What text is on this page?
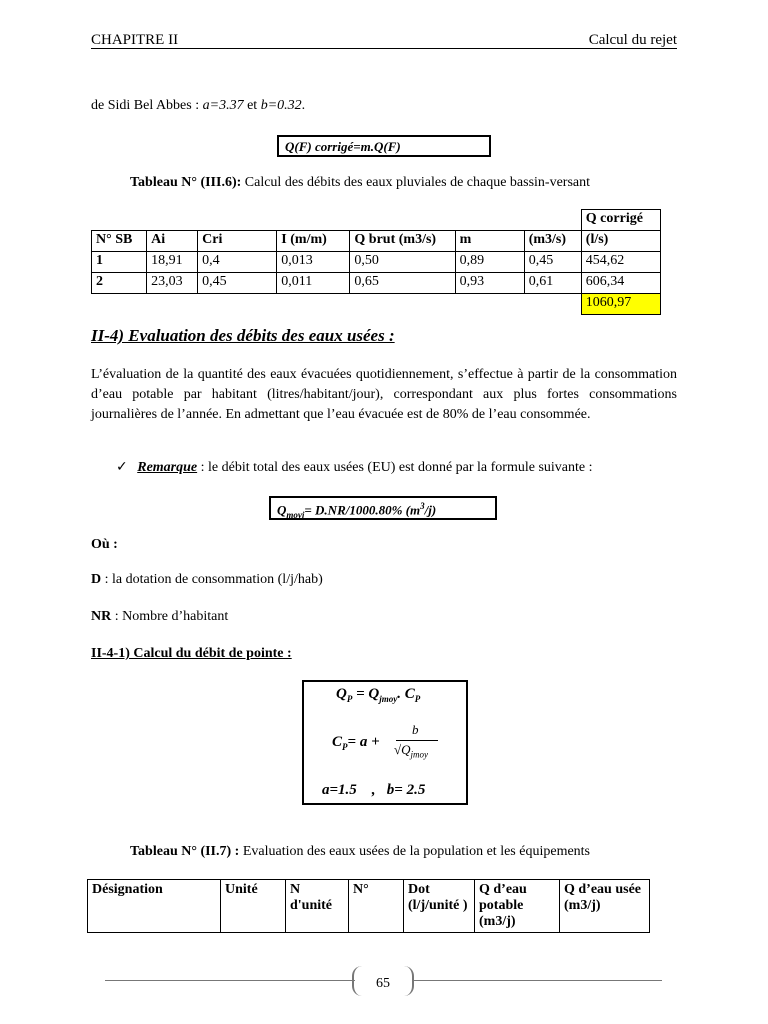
CHAPITRE II	Calcul du rejet
de Sidi Bel Abbes : a=3.37 et b=0.32.
Q(F) corrigé=m.Q(F)
Tableau N° (III.6): Calcul des débits des eaux pluviales de chaque bassin-versant
							Q corrigé
N° SB	Ai	Cri	I (m/m)	Q brut (m3/s)	m	(m3/s)	(l/s)
1	18,91	0,4	0,013	0,50	0,89	0,45	454,62
2	23,03	0,45	0,011	0,65	0,93	0,61	606,34
							1060,97
II-4) Evaluation des débits des eaux usées :
L’évaluation de la quantité des eaux évacuées quotidiennement, s’effectue à partir de la consommation d’eau potable par habitant (litres/habitant/jour), correspondant aux plus fortes consommations journalières de l’année. En admettant que l’eau évacuée est de 80% de l’eau consommée.
✓ Remarque : le débit total des eaux usées (EU) est donné par la formule suivante :
$Q_{moyj}= D.NR/1000.80\%$ $(m^3/j)$
Où :
D : la dotation de consommation (l/j/hab)
NR : Nombre d’habitant
II-4-1) Calcul du débit de pointe :
$Q_P = Q_{jmoy}$. $C_P$
$C_P= a$ +
b
$√Q_{jmoy}$
a=1.5    ,   b= 2.5
Tableau N° (II.7) : Evaluation des eaux usées de la population et les équipements
Désignation	Unité	N d'unité	N°	Dot (l/j/unité )	Q d’eau potable (m3/j)	Q d’eau usée (m3/j)
65
